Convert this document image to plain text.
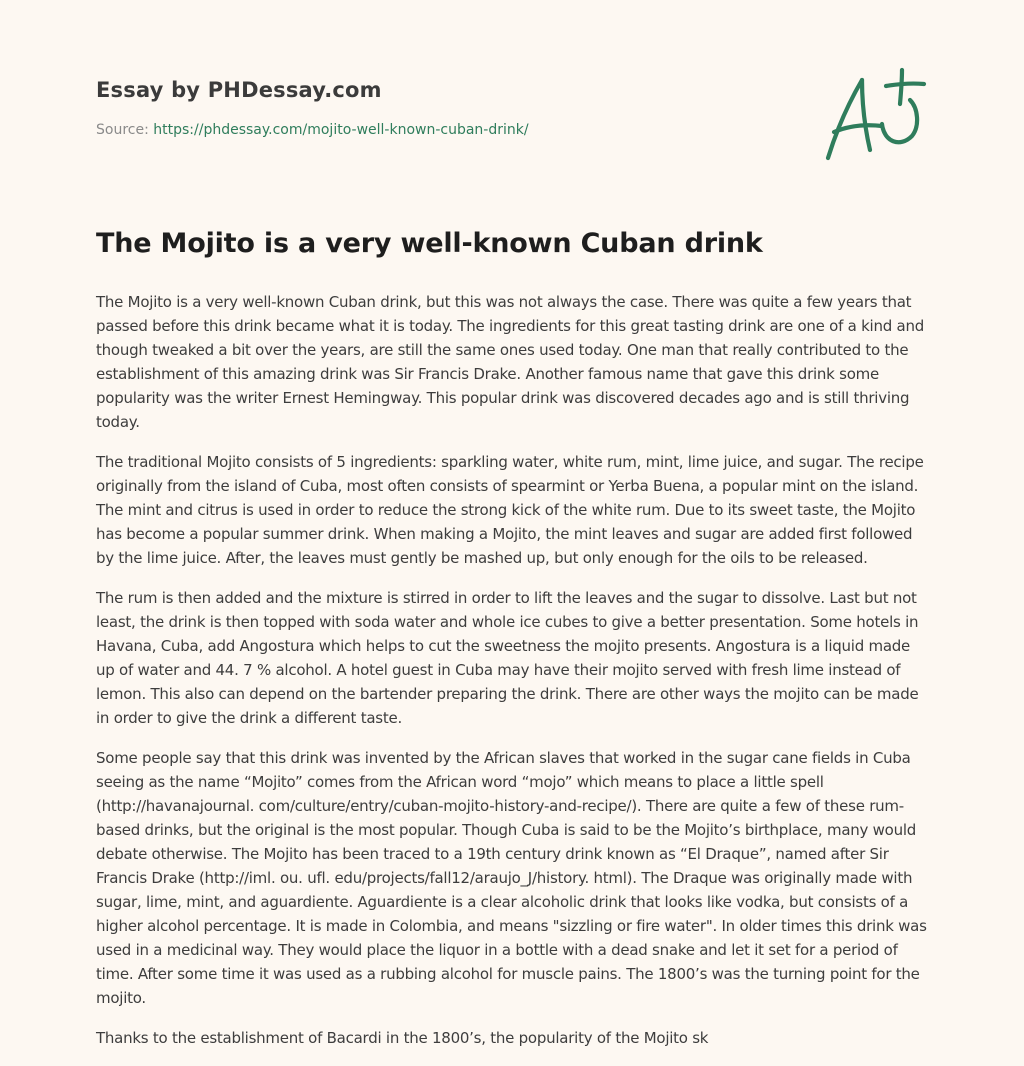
Essay by PHDessay.com
Source: https://phdessay.com/mojito-well-known-cuban-drink/
The Mojito is a very well-known Cuban drink

The Mojito is a very well-known Cuban drink, but this was not always the case. There was quite a few years that passed before this drink became what it is today. The ingredients for this great tasting drink are one of a kind and though tweaked a bit over the years, are still the same ones used today. One man that really contributed to the establishment of this amazing drink was Sir Francis Drake. Another famous name that gave this drink some popularity was the writer Ernest Hemingway. This popular drink was discovered decades ago and is still thriving today.

The traditional Mojito consists of 5 ingredients: sparkling water, white rum, mint, lime juice, and sugar. The recipe originally from the island of Cuba, most often consists of spearmint or Yerba Buena, a popular mint on the island. The mint and citrus is used in order to reduce the strong kick of the white rum. Due to its sweet taste, the Mojito has become a popular summer drink. When making a Mojito, the mint leaves and sugar are added first followed by the lime juice. After, the leaves must gently be mashed up, but only enough for the oils to be released.

The rum is then added and the mixture is stirred in order to lift the leaves and the sugar to dissolve. Last but not least, the drink is then topped with soda water and whole ice cubes to give a better presentation. Some hotels in Havana, Cuba, add Angostura which helps to cut the sweetness the mojito presents. Angostura is a liquid made up of water and 44. 7 % alcohol. A hotel guest in Cuba may have their mojito served with fresh lime instead of lemon. This also can depend on the bartender preparing the drink. There are other ways the mojito can be made in order to give the drink a different taste.

Some people say that this drink was invented by the African slaves that worked in the sugar cane fields in Cuba seeing as the name “Mojito” comes from the African word “mojo” which means to place a little spell (http://havanajournal. com/culture/entry/cuban-mojito-history-and-recipe/). There are quite a few of these rum-based drinks, but the original is the most popular. Though Cuba is said to be the Mojito’s birthplace, many would debate otherwise. The Mojito has been traced to a 19th century drink known as “El Draque”, named after Sir Francis Drake (http://iml. ou. ufl. edu/projects/fall12/araujo_J/history. html). The Draque was originally made with sugar, lime, mint, and aguardiente. Aguardiente is a clear alcoholic drink that looks like vodka, but consists of a higher alcohol percentage. It is made in Colombia, and means "sizzling or fire water". In older times this drink was used in a medicinal way. They would place the liquor in a bottle with a dead snake and let it set for a period of time. After some time it was used as a rubbing alcohol for muscle pains. The 1800’s was the turning point for the mojito.

Thanks to the establishment of Bacardi in the 1800’s, the popularity of the Mojito sk
